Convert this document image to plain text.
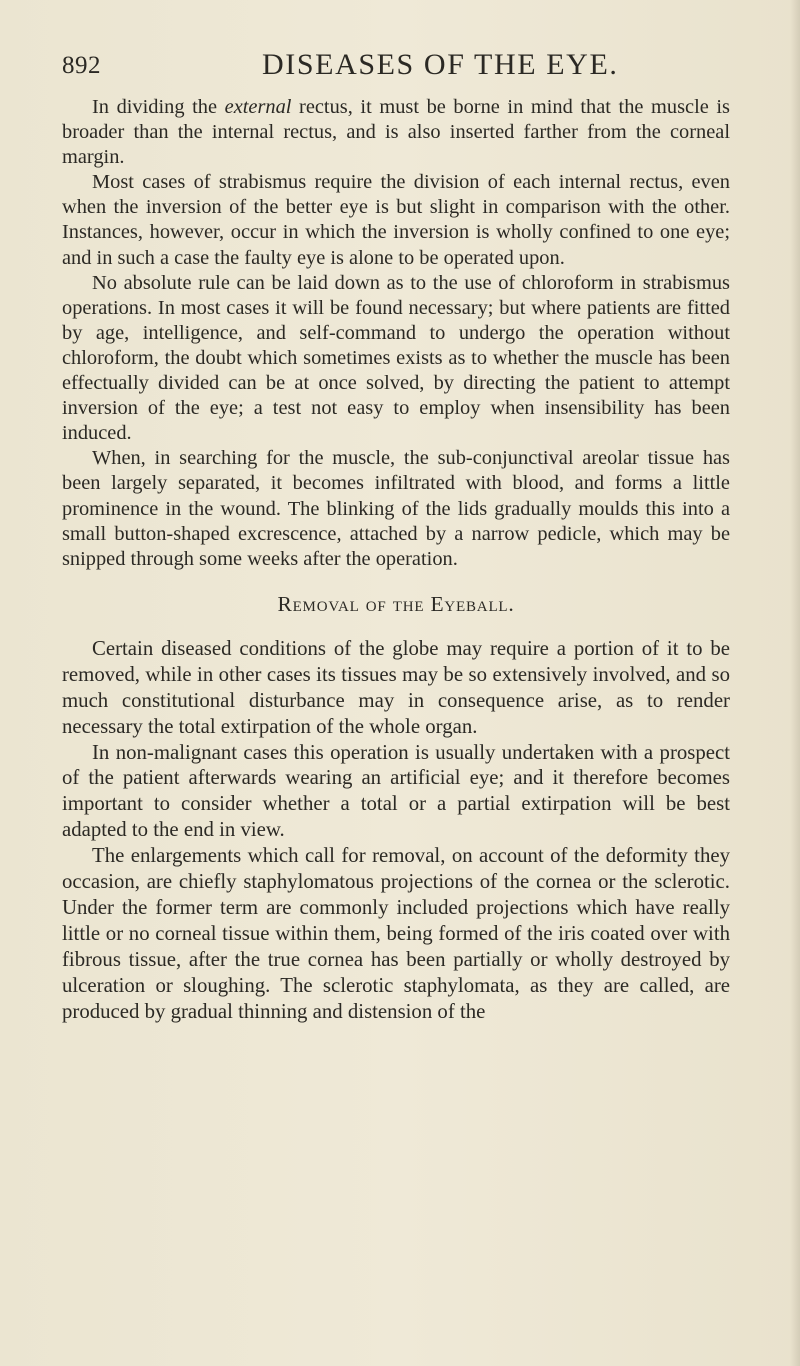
892	DISEASES OF THE EYE.

In dividing the external rectus, it must be borne in mind that the muscle is broader than the internal rectus, and is also inserted farther from the corneal margin.

Most cases of strabismus require the division of each internal rectus, even when the inversion of the better eye is but slight in comparison with the other. Instances, however, occur in which the inversion is wholly confined to one eye; and in such a case the faulty eye is alone to be operated upon.

No absolute rule can be laid down as to the use of chloroform in strabismus operations. In most cases it will be found necessary; but where patients are fitted by age, intelligence, and self-command to undergo the operation without chloroform, the doubt which sometimes exists as to whether the muscle has been effectually divided can be at once solved, by directing the patient to attempt inversion of the eye; a test not easy to employ when insensibility has been induced.

When, in searching for the muscle, the sub-conjunctival areolar tissue has been largely separated, it becomes infiltrated with blood, and forms a little prominence in the wound. The blinking of the lids gradually moulds this into a small button-shaped excrescence, attached by a narrow pedicle, which may be snipped through some weeks after the operation.

Removal of the Eyeball.

Certain diseased conditions of the globe may require a portion of it to be removed, while in other cases its tissues may be so extensively involved, and so much constitutional disturbance may in consequence arise, as to render necessary the total extirpation of the whole organ.

In non-malignant cases this operation is usually undertaken with a prospect of the patient afterwards wearing an artificial eye; and it therefore becomes important to consider whether a total or a partial extirpation will be best adapted to the end in view.

The enlargements which call for removal, on account of the deformity they occasion, are chiefly staphylomatous projections of the cornea or the sclerotic. Under the former term are commonly included projections which have really little or no corneal tissue within them, being formed of the iris coated over with fibrous tissue, after the true cornea has been partially or wholly destroyed by ulceration or sloughing. The sclerotic staphylomata, as they are called, are produced by gradual thinning and distension of the
